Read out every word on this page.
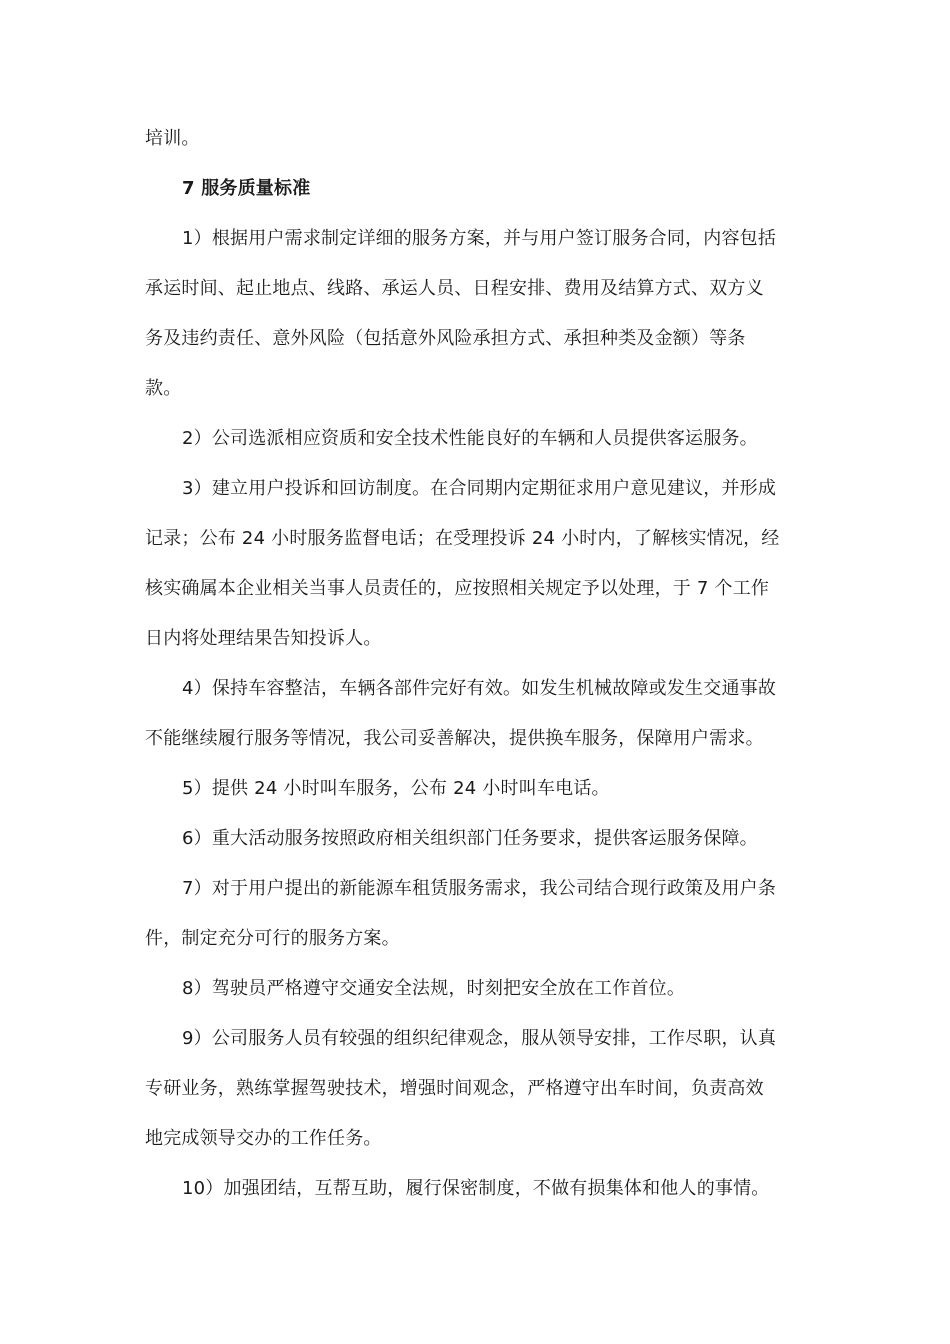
培训。
7 服务质量标准
1）根据用户需求制定详细的服务方案，并与用户签订服务合同，内容包括
承运时间、起止地点、线路、承运人员、日程安排、费用及结算方式、双方义
务及违约责任、意外风险（包括意外风险承担方式、承担种类及金额）等条
款。
2）公司选派相应资质和安全技术性能良好的车辆和人员提供客运服务。
3）建立用户投诉和回访制度。在合同期内定期征求用户意见建议，并形成
记录；公布 24 小时服务监督电话；在受理投诉 24 小时内，了解核实情况，经
核实确属本企业相关当事人员责任的，应按照相关规定予以处理，于 7 个工作
日内将处理结果告知投诉人。
4）保持车容整洁，车辆各部件完好有效。如发生机械故障或发生交通事故
不能继续履行服务等情况，我公司妥善解决，提供换车服务，保障用户需求。
5）提供 24 小时叫车服务，公布 24 小时叫车电话。
6）重大活动服务按照政府相关组织部门任务要求，提供客运服务保障。
7）对于用户提出的新能源车租赁服务需求，我公司结合现行政策及用户条
件，制定充分可行的服务方案。
8）驾驶员严格遵守交通安全法规，时刻把安全放在工作首位。
9）公司服务人员有较强的组织纪律观念，服从领导安排，工作尽职，认真
专研业务，熟练掌握驾驶技术，增强时间观念，严格遵守出车时间，负责高效
地完成领导交办的工作任务。
10）加强团结，互帮互助，履行保密制度，不做有损集体和他人的事情。
